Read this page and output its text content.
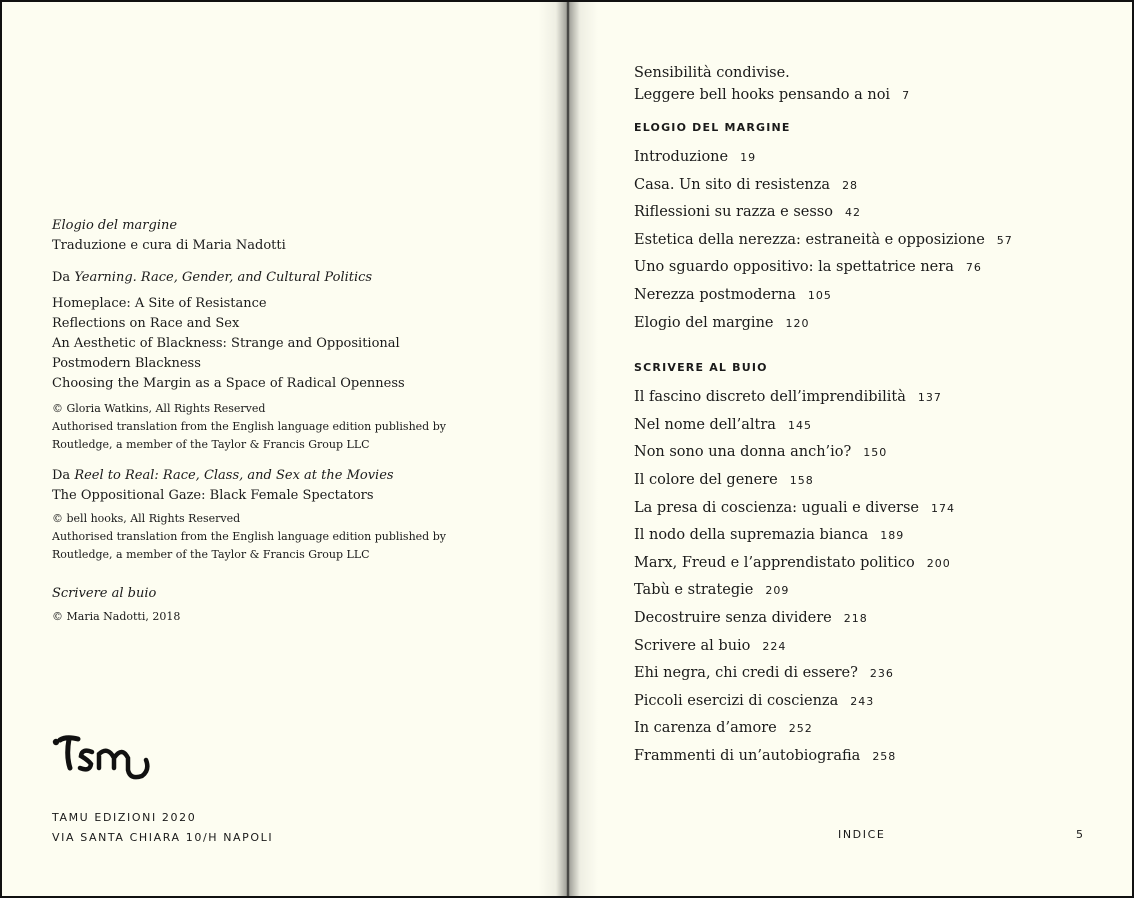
Elogio del margine
Traduzione e cura di Maria Nadotti
Da Yearning. Race, Gender, and Cultural Politics
Homeplace: A Site of Resistance
Reflections on Race and Sex
An Aesthetic of Blackness: Strange and Oppositional
Postmodern Blackness
Choosing the Margin as a Space of Radical Openness
© Gloria Watkins, All Rights Reserved
Authorised translation from the English language edition published by
Routledge, a member of the Taylor & Francis Group LLC
Da Reel to Real: Race, Class, and Sex at the Movies
The Oppositional Gaze: Black Female Spectators
© bell hooks, All Rights Reserved
Authorised translation from the English language edition published by
Routledge, a member of the Taylor & Francis Group LLC
Scrivere al buio
© Maria Nadotti, 2018
TAMU EDIZIONI 2020
VIA SANTA CHIARA 10/H NAPOLI
Sensibilità condivise.
Leggere bell hooks pensando a noi 7
ELOGIO DEL MARGINE
Introduzione 19
Casa. Un sito di resistenza 28
Riflessioni su razza e sesso 42
Estetica della nerezza: estraneità e opposizione 57
Uno sguardo oppositivo: la spettatrice nera 76
Nerezza postmoderna 105
Elogio del margine 120
SCRIVERE AL BUIO
Il fascino discreto dell’imprendibilità 137
Nel nome dell’altra 145
Non sono una donna anch’io? 150
Il colore del genere 158
La presa di coscienza: uguali e diverse 174
Il nodo della supremazia bianca 189
Marx, Freud e l’apprendistato politico 200
Tabù e strategie 209
Decostruire senza dividere 218
Scrivere al buio 224
Ehi negra, chi credi di essere? 236
Piccoli esercizi di coscienza 243
In carenza d’amore 252
Frammenti di un’autobiografia 258
INDICE	5
